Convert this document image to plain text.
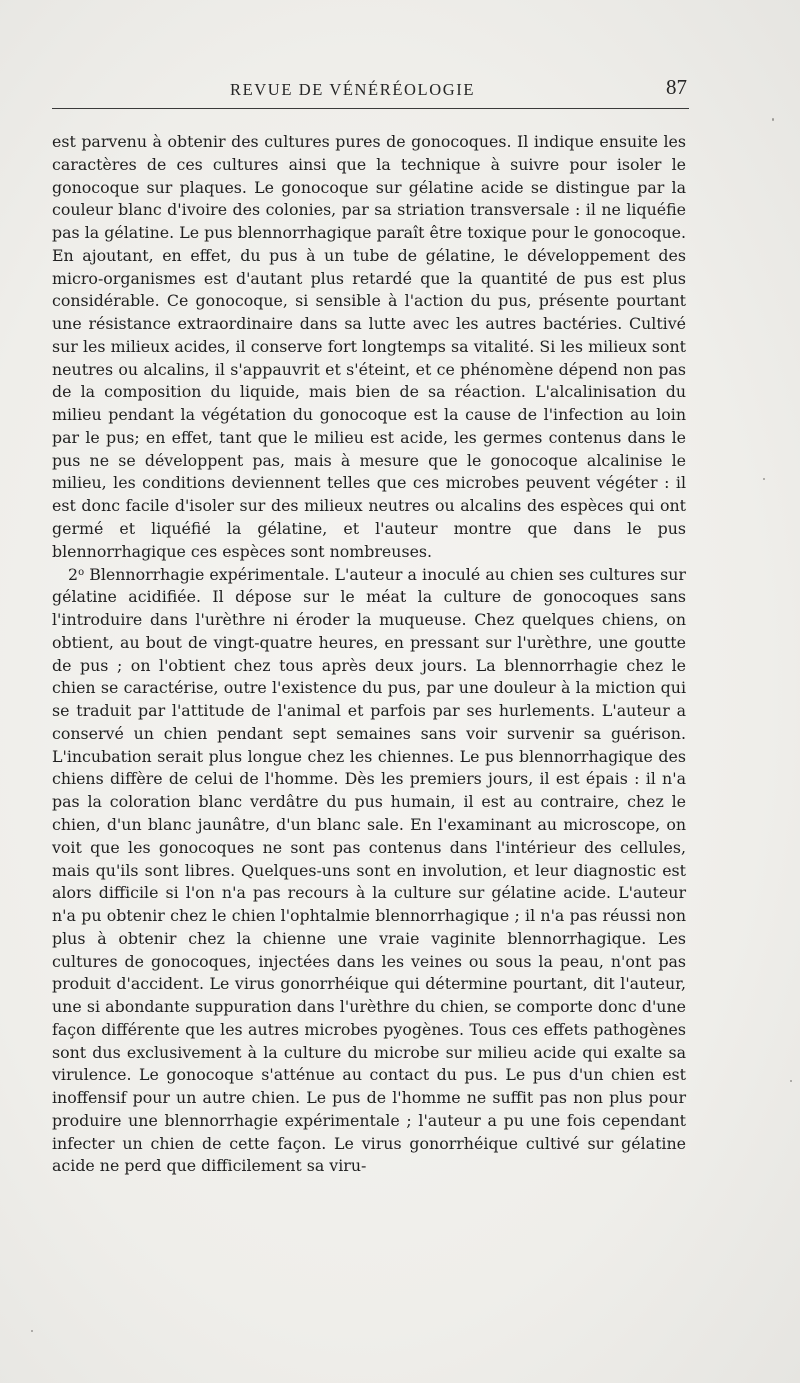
REVUE DE VÉNÉRÉOLOGIE	87

est parvenu à obtenir des cultures pures de gonocoques. Il indique ensuite les caractères de ces cultures ainsi que la technique à suivre pour isoler le gonocoque sur plaques. Le gonocoque sur gélatine acide se distingue par la couleur blanc d'ivoire des colonies, par sa striation transversale : il ne liquéfie pas la gélatine. Le pus blennorrhagique paraît être toxique pour le gonocoque. En ajoutant, en effet, du pus à un tube de gélatine, le développement des micro-organismes est d'autant plus retardé que la quantité de pus est plus considérable. Ce gonocoque, si sensible à l'action du pus, présente pourtant une résistance extraordinaire dans sa lutte avec les autres bactéries. Cultivé sur les milieux acides, il conserve fort longtemps sa vitalité. Si les milieux sont neutres ou alcalins, il s'appauvrit et s'éteint, et ce phénomène dépend non pas de la composition du liquide, mais bien de sa réaction. L'alcalinisation du milieu pendant la végétation du gonocoque est la cause de l'infection au loin par le pus; en effet, tant que le milieu est acide, les germes contenus dans le pus ne se développent pas, mais à mesure que le gonocoque alcalinise le milieu, les conditions deviennent telles que ces microbes peuvent végéter : il est donc facile d'isoler sur des milieux neutres ou alcalins des espèces qui ont germé et liquéfié la gélatine, et l'auteur montre que dans le pus blennorrhagique ces espèces sont nombreuses.

2$^o$ Blennorrhagie expérimentale. L'auteur a inoculé au chien ses cultures sur gélatine acidifiée. Il dépose sur le méat la culture de gonocoques sans l'introduire dans l'urèthre ni éroder la muqueuse. Chez quelques chiens, on obtient, au bout de vingt-quatre heures, en pressant sur l'urèthre, une goutte de pus ; on l'obtient chez tous après deux jours. La blennorrhagie chez le chien se caractérise, outre l'existence du pus, par une douleur à la miction qui se traduit par l'attitude de l'animal et parfois par ses hurlements. L'auteur a conservé un chien pendant sept semaines sans voir survenir sa guérison. L'incubation serait plus longue chez les chiennes. Le pus blennorrhagique des chiens diffère de celui de l'homme. Dès les premiers jours, il est épais : il n'a pas la coloration blanc verdâtre du pus humain, il est au contraire, chez le chien, d'un blanc jaunâtre, d'un blanc sale. En l'examinant au microscope, on voit que les gonocoques ne sont pas contenus dans l'intérieur des cellules, mais qu'ils sont libres. Quelques-uns sont en involution, et leur diagnostic est alors difficile si l'on n'a pas recours à la culture sur gélatine acide. L'auteur n'a pu obtenir chez le chien l'ophtalmie blennorrhagique ; il n'a pas réussi non plus à obtenir chez la chienne une vraie vaginite blennorrhagique. Les cultures de gonocoques, injectées dans les veines ou sous la peau, n'ont pas produit d'accident. Le virus gonorrhéique qui détermine pourtant, dit l'auteur, une si abondante suppuration dans l'urèthre du chien, se comporte donc d'une façon différente que les autres microbes pyogènes. Tous ces effets pathogènes sont dus exclusivement à la culture du microbe sur milieu acide qui exalte sa virulence. Le gonocoque s'atténue au contact du pus. Le pus d'un chien est inoffensif pour un autre chien. Le pus de l'homme ne suffit pas non plus pour produire une blennorrhagie expérimentale ; l'auteur a pu une fois cependant infecter un chien de cette façon. Le virus gonorrhéique cultivé sur gélatine acide ne perd que difficilement sa viru-
